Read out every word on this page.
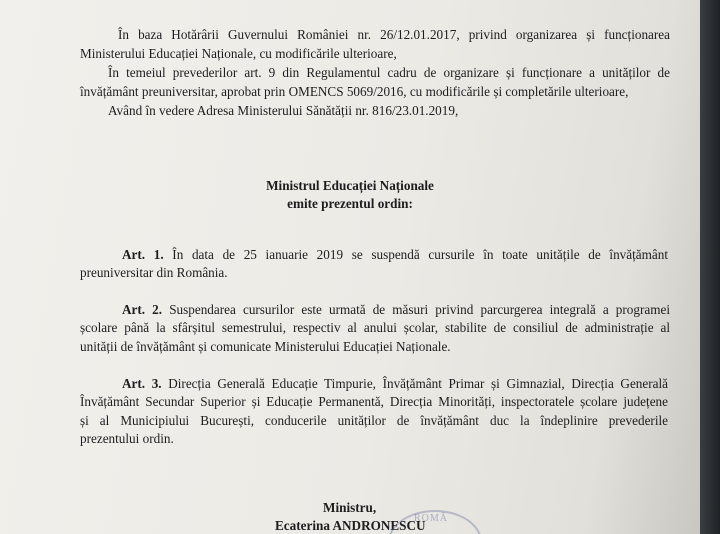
În baza Hotărârii Guvernului României nr. 26/12.01.2017, privind organizarea și funcționarea
Ministerului Educației Naționale, cu modificările ulterioare,
În temeiul prevederilor art. 9 din Regulamentul cadru de organizare și funcționare a unităților de
învățământ preuniversitar, aprobat prin OMENCS 5069/2016, cu modificările și completările ulterioare,
Având în vedere Adresa Ministerului Sănătății nr. 816/23.01.2019,
Ministrul Educației Naționale
emite prezentul ordin:
Art. 1. În data de 25 ianuarie 2019 se suspendă cursurile în toate unitățile de învățământ
preuniversitar din România.
Art. 2. Suspendarea cursurilor este urmată de măsuri privind parcurgerea integrală a programei
școlare până la sfârșitul semestrului, respectiv al anului școlar, stabilite de consiliul de administrație al
unității de învățământ și comunicate Ministerului Educației Naționale.
Art. 3. Direcția Generală Educație Timpurie, Învățământ Primar și Gimnazial, Direcția Generală
Învățământ Secundar Superior și Educație Permanentă, Direcția Minorități, inspectoratele școlare județene
și al Municipiului București, conducerile unităților de învățământ duc la îndeplinire prevederile
prezentului ordin.
Ministru,
Ecaterina ANDRONESCU
ROMÂ
